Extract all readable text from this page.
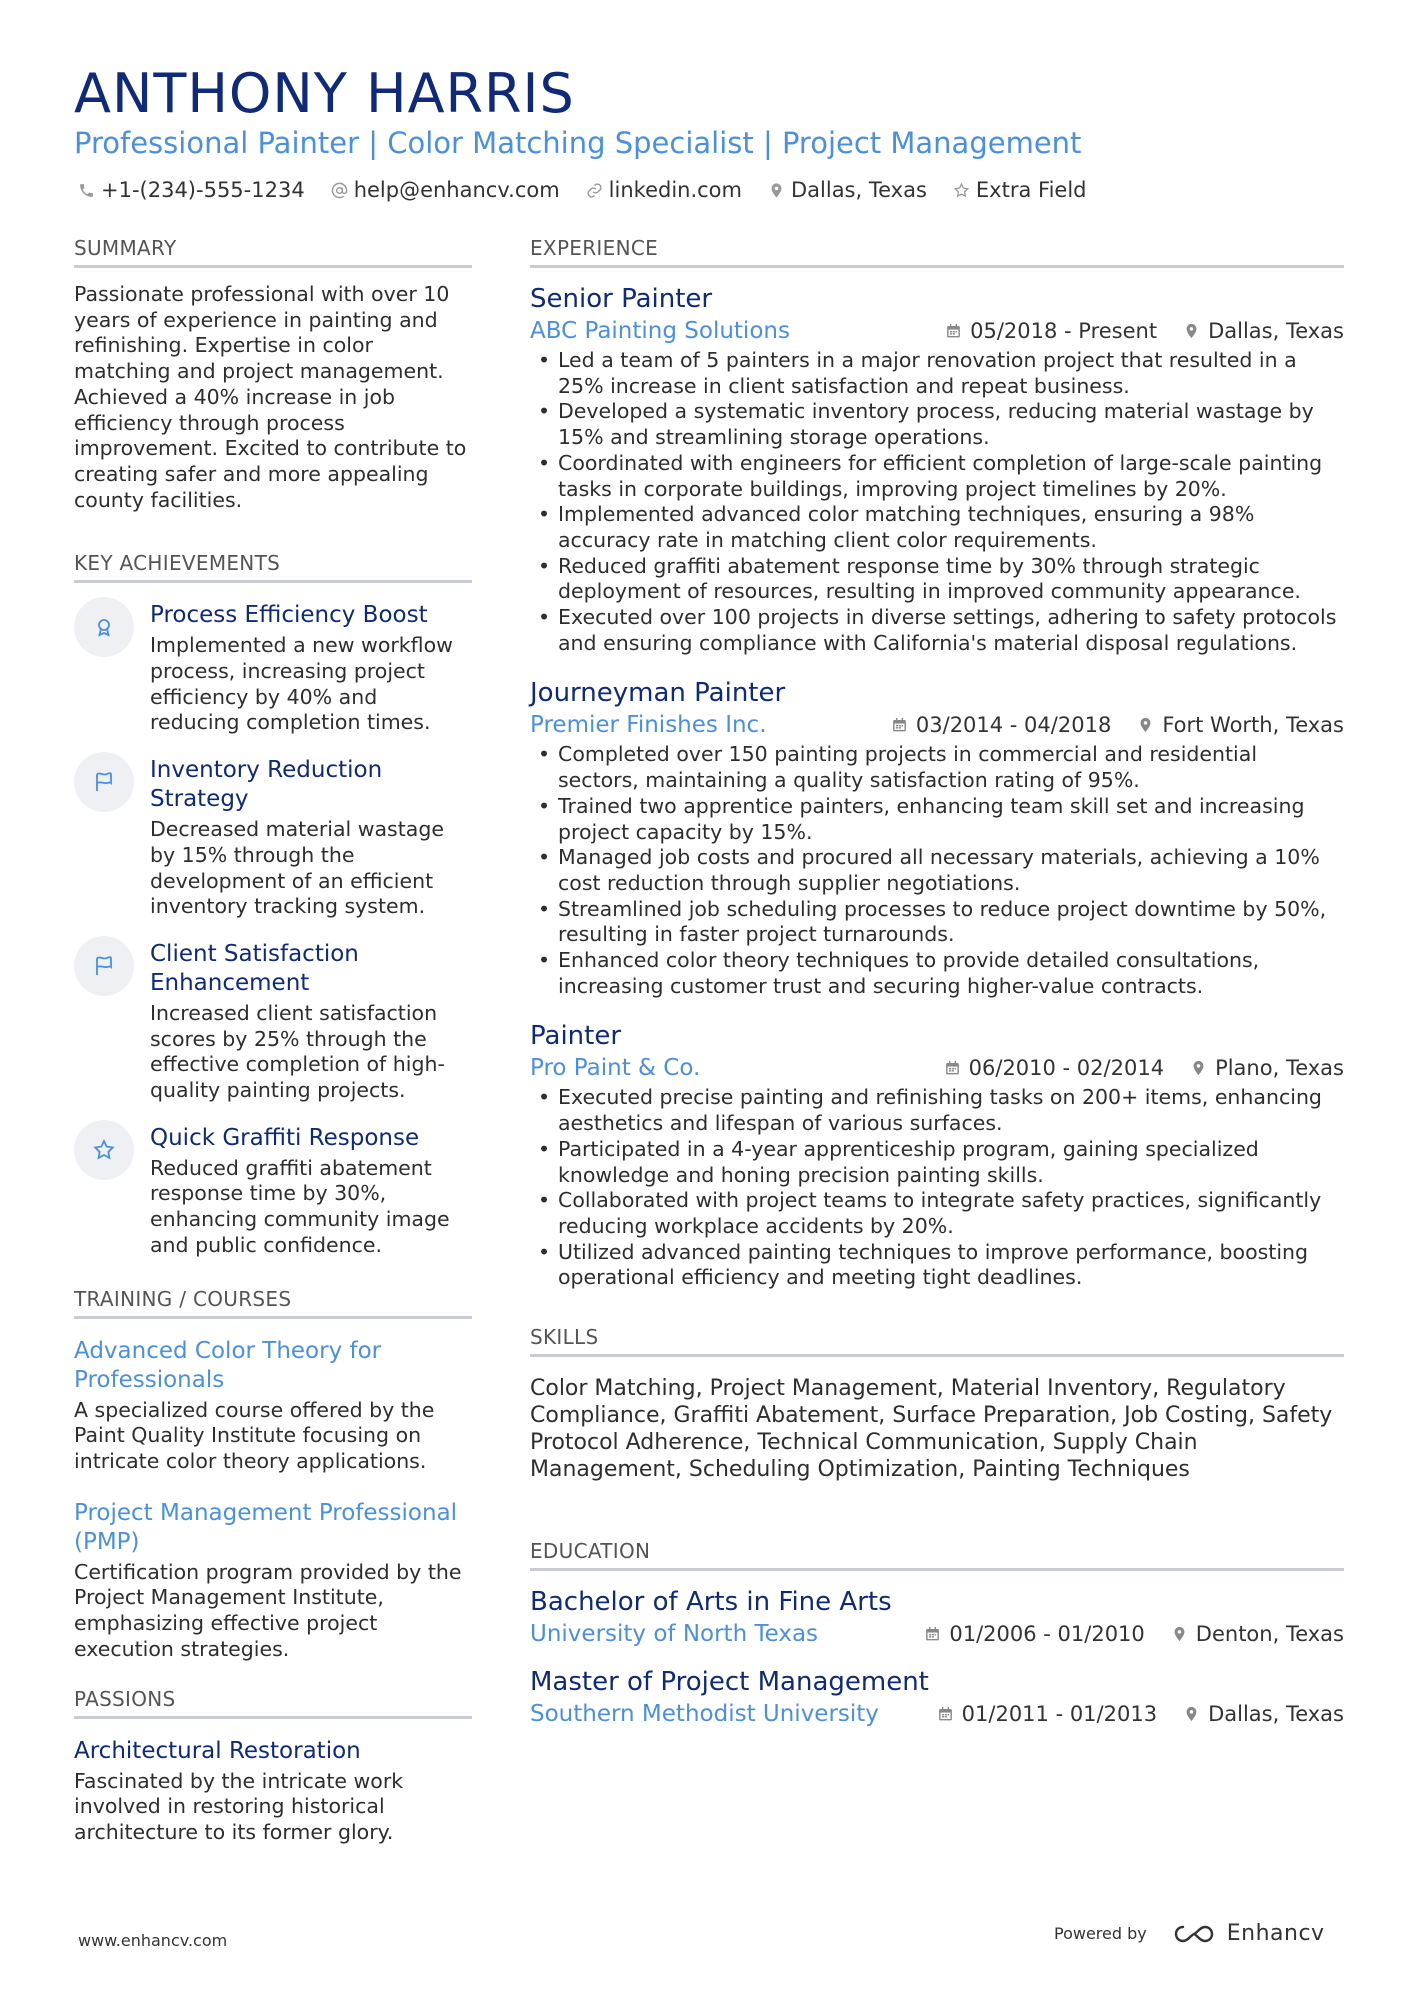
ANTHONY HARRIS
Professional Painter | Color Matching Specialist | Project Management
+1-(234)-555-1234 help@enhancv.com linkedin.com Dallas, Texas Extra Field
SUMMARY
Passionate professional with over 10 years of experience in painting and refinishing. Expertise in color matching and project management. Achieved a 40% increase in job efficiency through process improvement. Excited to contribute to creating safer and more appealing county facilities.
KEY ACHIEVEMENTS
Process Efficiency Boost
Implemented a new workflow process, increasing project efficiency by 40% and reducing completion times.
Inventory Reduction Strategy
Decreased material wastage by 15% through the development of an efficient inventory tracking system.
Client Satisfaction Enhancement
Increased client satisfaction scores by 25% through the effective completion of high-quality painting projects.
Quick Graffiti Response
Reduced graffiti abatement response time by 30%, enhancing community image and public confidence.
TRAINING / COURSES
Advanced Color Theory for Professionals
A specialized course offered by the Paint Quality Institute focusing on intricate color theory applications.
Project Management Professional (PMP)
Certification program provided by the Project Management Institute, emphasizing effective project execution strategies.
PASSIONS
Architectural Restoration
Fascinated by the intricate work involved in restoring historical architecture to its former glory.
EXPERIENCE
Senior Painter
ABC Painting Solutions	05/2018 - Present Dallas, Texas
• Led a team of 5 painters in a major renovation project that resulted in a 25% increase in client satisfaction and repeat business.
• Developed a systematic inventory process, reducing material wastage by 15% and streamlining storage operations.
• Coordinated with engineers for efficient completion of large-scale painting tasks in corporate buildings, improving project timelines by 20%.
• Implemented advanced color matching techniques, ensuring a 98% accuracy rate in matching client color requirements.
• Reduced graffiti abatement response time by 30% through strategic deployment of resources, resulting in improved community appearance.
• Executed over 100 projects in diverse settings, adhering to safety protocols and ensuring compliance with California's material disposal regulations.
Journeyman Painter
Premier Finishes Inc.	03/2014 - 04/2018 Fort Worth, Texas
• Completed over 150 painting projects in commercial and residential sectors, maintaining a quality satisfaction rating of 95%.
• Trained two apprentice painters, enhancing team skill set and increasing project capacity by 15%.
• Managed job costs and procured all necessary materials, achieving a 10% cost reduction through supplier negotiations.
• Streamlined job scheduling processes to reduce project downtime by 50%, resulting in faster project turnarounds.
• Enhanced color theory techniques to provide detailed consultations, increasing customer trust and securing higher-value contracts.
Painter
Pro Paint & Co.	06/2010 - 02/2014 Plano, Texas
• Executed precise painting and refinishing tasks on 200+ items, enhancing aesthetics and lifespan of various surfaces.
• Participated in a 4-year apprenticeship program, gaining specialized knowledge and honing precision painting skills.
• Collaborated with project teams to integrate safety practices, significantly reducing workplace accidents by 20%.
• Utilized advanced painting techniques to improve performance, boosting operational efficiency and meeting tight deadlines.
SKILLS
Color Matching, Project Management, Material Inventory, Regulatory Compliance, Graffiti Abatement, Surface Preparation, Job Costing, Safety Protocol Adherence, Technical Communication, Supply Chain Management, Scheduling Optimization, Painting Techniques
EDUCATION
Bachelor of Arts in Fine Arts
University of North Texas	01/2006 - 01/2010 Denton, Texas
Master of Project Management
Southern Methodist University	01/2011 - 01/2013 Dallas, Texas
www.enhancv.com	Powered by	Enhancv
